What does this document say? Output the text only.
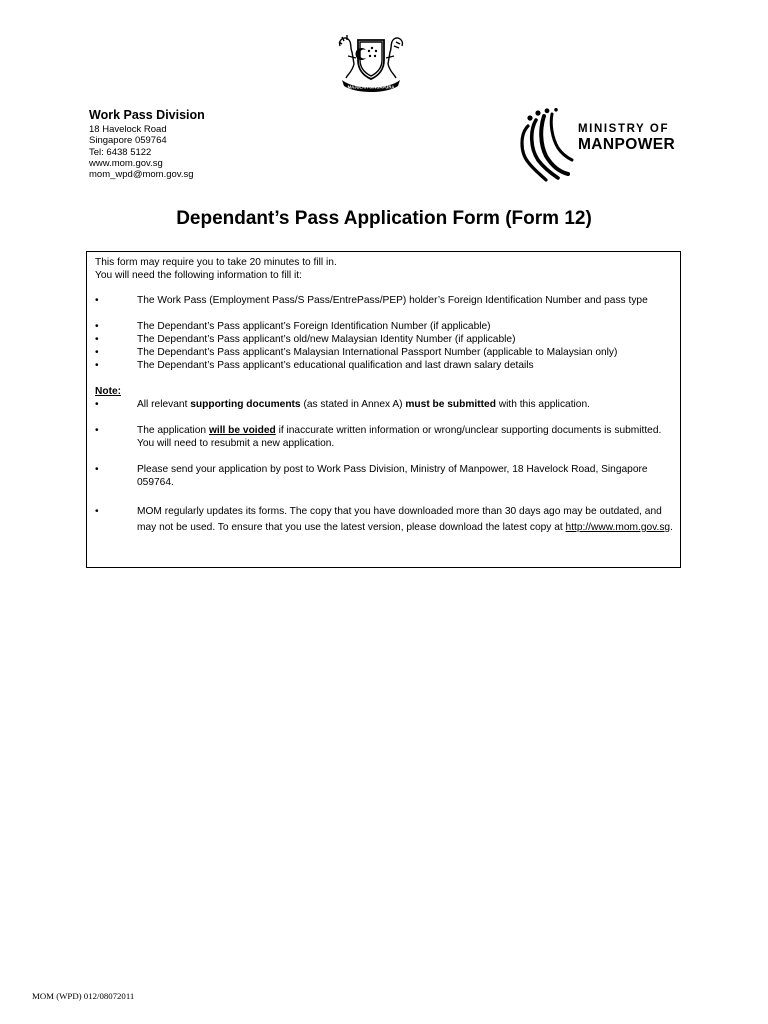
MAJULAH SINGAPURA
Work Pass Division
18 Havelock Road
Singapore 059764
Tel: 6438 5122
www.mom.gov.sg
mom_wpd@mom.gov.sg
MINISTRY OF
MANPOWER
Dependant’s Pass Application Form (Form 12)
This form may require you to take 20 minutes to fill in.
You will need the following information to fill it:
•	The Work Pass (Employment Pass/S Pass/EntrePass/PEP) holder’s Foreign Identification Number and pass type
•	The Dependant’s Pass applicant’s Foreign Identification Number (if applicable)
•	The Dependant’s Pass applicant’s old/new Malaysian Identity Number (if applicable)
•	The Dependant’s Pass applicant’s Malaysian International Passport Number (applicable to Malaysian only)
•	The Dependant’s Pass applicant’s educational qualification and last drawn salary details
Note:
•	All relevant supporting documents (as stated in Annex A) must be submitted with this application.
•	The application will be voided if inaccurate written information or wrong/unclear supporting documents is submitted. You will need to resubmit a new application.
•	Please send your application by post to Work Pass Division, Ministry of Manpower, 18 Havelock Road, Singapore 059764.
•	MOM regularly updates its forms. The copy that you have downloaded more than 30 days ago may be outdated, and may not be used. To ensure that you use the latest version, please download the latest copy at http://www.mom.gov.sg.
MOM (WPD) 012/08072011
